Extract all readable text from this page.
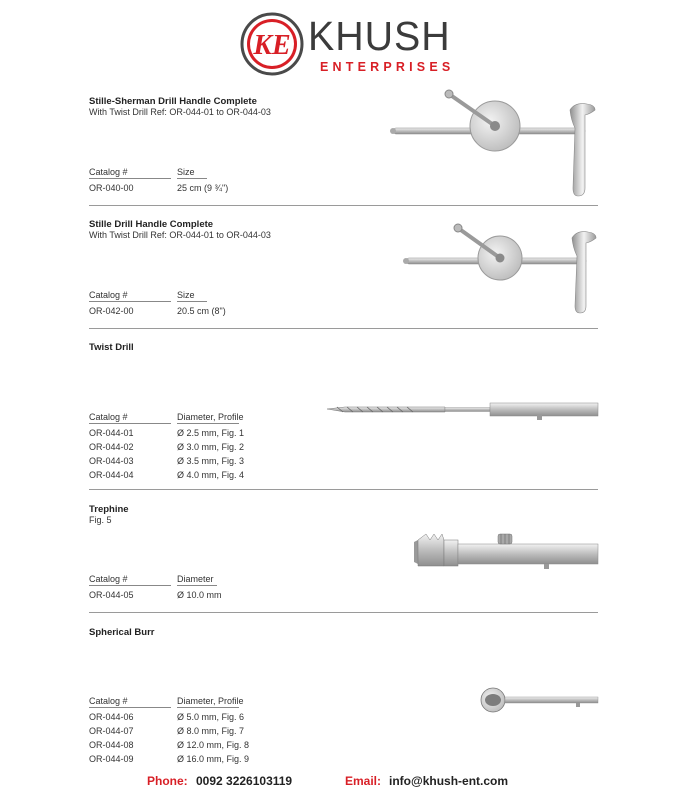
KE KHUSH
ENTERPRISES
Stille-Sherman Drill Handle Complete
With Twist Drill Ref: OR-044-01 to OR-044-03
Catalog #	Size
OR-040-00	25 cm (9 ¾")
Stille Drill Handle Complete
With Twist Drill Ref: OR-044-01 to OR-044-03
Catalog #	Size
OR-042-00	20.5 cm (8")
Twist Drill
Catalog #	Diameter, Profile
OR-044-01	Ø 2.5 mm, Fig. 1
OR-044-02	Ø 3.0 mm, Fig. 2
OR-044-03	Ø 3.5 mm, Fig. 3
OR-044-04	Ø 4.0 mm, Fig. 4
Trephine
Fig. 5
Catalog #	Diameter
OR-044-05	Ø 10.0 mm
Spherical Burr
Catalog #	Diameter, Profile
OR-044-06	Ø 5.0 mm, Fig. 6
OR-044-07	Ø 8.0 mm, Fig. 7
OR-044-08	Ø 12.0 mm, Fig. 8
OR-044-09	Ø 16.0 mm, Fig. 9
Phone: 0092 3226103119	Email: info@khush-ent.com
